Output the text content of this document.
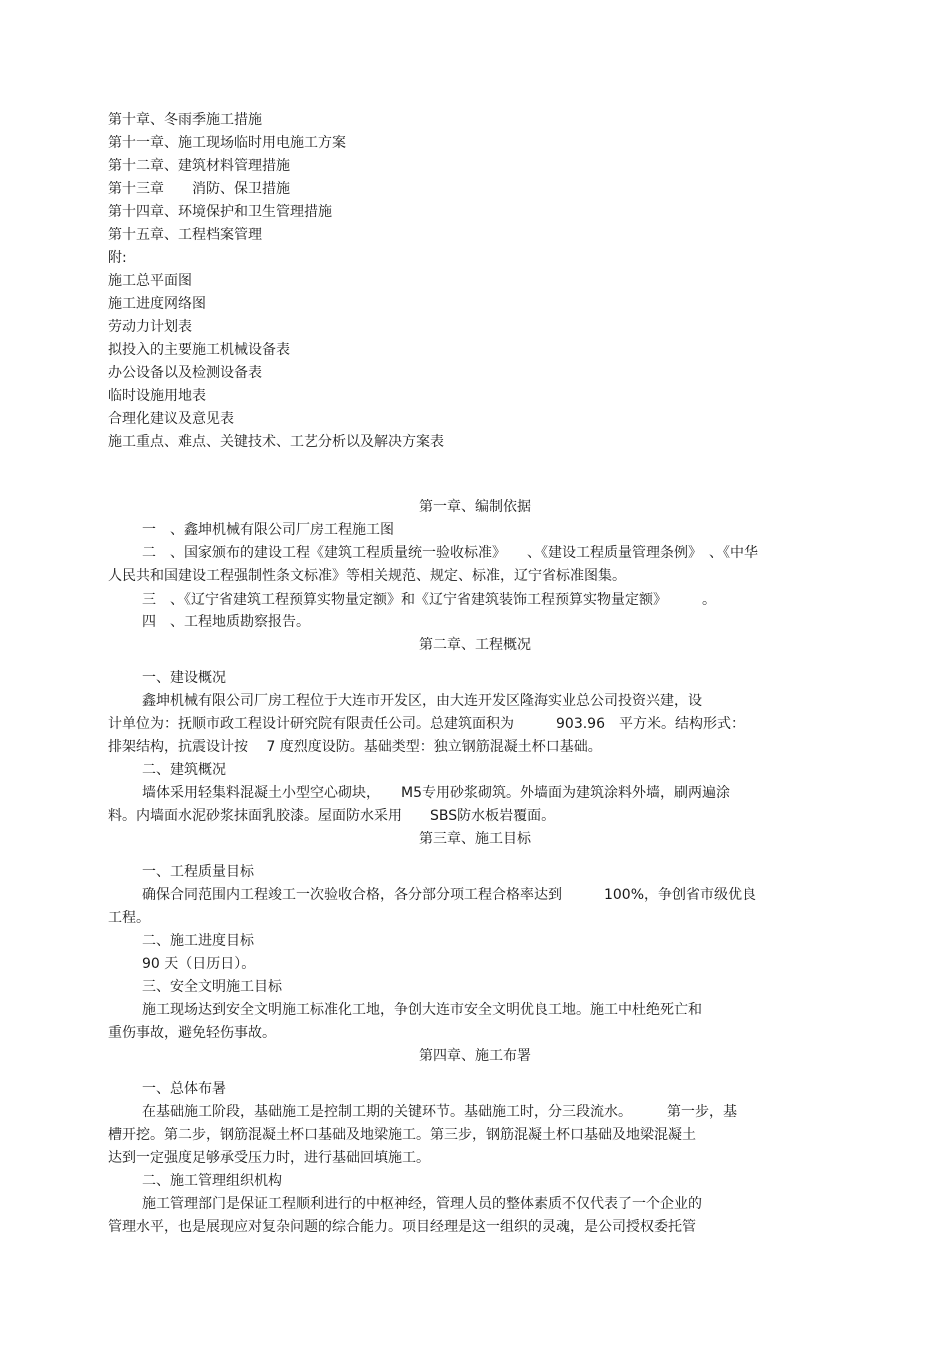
第十章、冬雨季施工措施
第十一章、施工现场临时用电施工方案
第十二章、建筑材料管理措施
第十三章　　消防、保卫措施
第十四章、环境保护和卫生管理措施
第十五章、工程档案管理
附:
施工总平面图
施工进度网络图
劳动力计划表
拟投入的主要施工机械设备表
办公设备以及检测设备表
临时设施用地表
合理化建议及意见表
施工重点、难点、关键技术、工艺分析以及解决方案表
第一章、编制依据
一　、鑫坤机械有限公司厂房工程施工图
二　、国家颁布的建设工程《建筑工程质量统一验收标准》　　、《建设工程质量管理条例》　、《中华
人民共和国建设工程强制性条文标准》等相关规范、规定、标准，辽宁省标准图集。
三　、《辽宁省建筑工程预算实物量定额》和《辽宁省建筑装饰工程预算实物量定额》　　　。
四　、工程地质勘察报告。
第二章、工程概况
一、建设概况
鑫坤机械有限公司厂房工程位于大连市开发区，由大连开发区隆海实业总公司投资兴建，设
计单位为：抚顺市政工程设计研究院有限责任公司。总建筑面积为　　　903.96　平方米。结构形式：
排架结构，抗震设计按　 7 度烈度设防。基础类型：独立钢筋混凝土杯口基础。
二、建筑概况
墙体采用轻集料混凝土小型空心砌块，　　M5专用砂浆砌筑。外墙面为建筑涂料外墙，刷两遍涂
料。内墙面水泥砂浆抹面乳胶漆。屋面防水采用　　SBS防水板岩覆面。
第三章、施工目标
一、工程质量目标
确保合同范围内工程竣工一次验收合格，各分部分项工程合格率达到　　　100%，争创省市级优良
工程。
二、施工进度目标
90 天（日历日）。
三、安全文明施工目标
施工现场达到安全文明施工标准化工地，争创大连市安全文明优良工地。施工中杜绝死亡和
重伤事故，避免轻伤事故。
第四章、施工布署
一、总体布暑
在基础施工阶段，基础施工是控制工期的关键环节。基础施工时，分三段流水。　　　第一步，基
槽开挖。第二步，钢筋混凝土杯口基础及地梁施工。第三步，钢筋混凝土杯口基础及地梁混凝土
达到一定强度足够承受压力时，进行基础回填施工。
二、施工管理组织机构
施工管理部门是保证工程顺利进行的中枢神经，管理人员的整体素质不仅代表了一个企业的
管理水平，也是展现应对复杂问题的综合能力。项目经理是这一组织的灵魂，是公司授权委托管
